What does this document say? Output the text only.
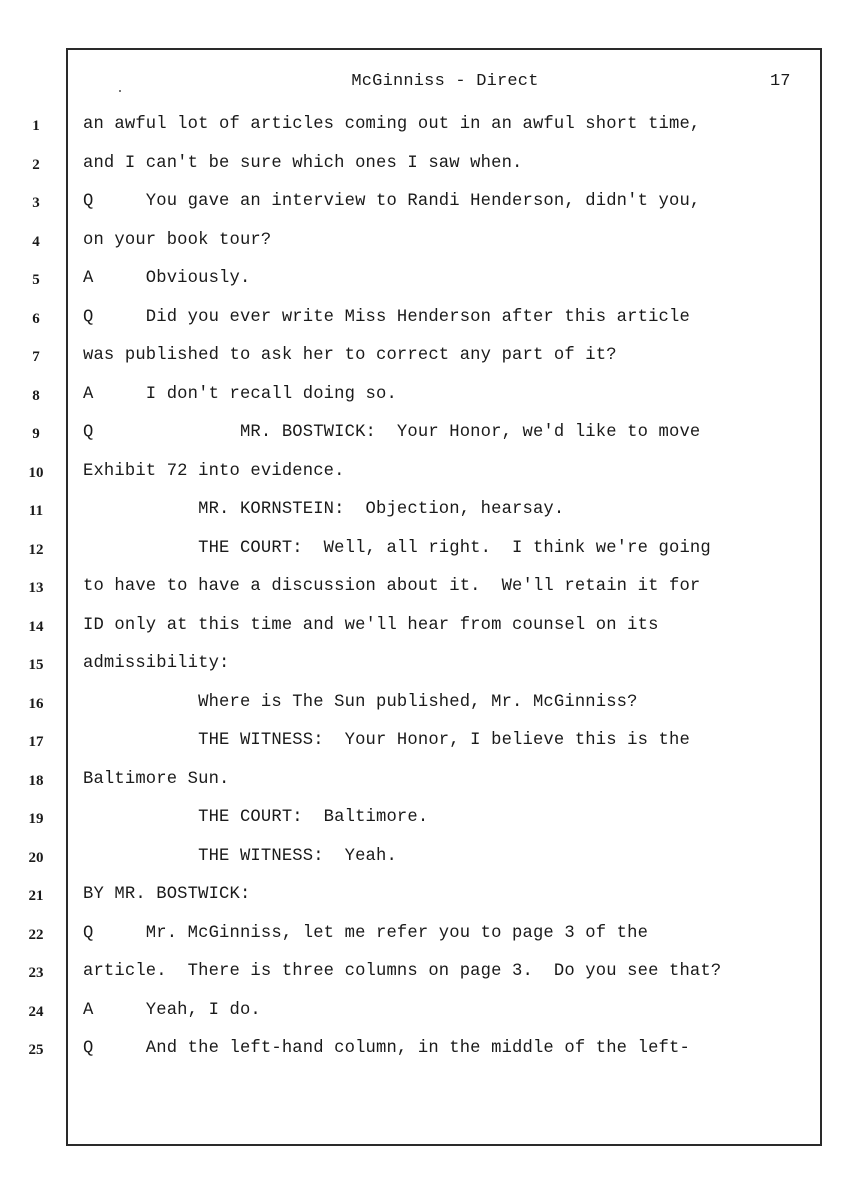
McGinniss - Direct	17
1	an awful lot of articles coming out in an awful short time,
2	and I can't be sure which ones I saw when.
3	Q     You gave an interview to Randi Henderson, didn't you,
4	on your book tour?
5	A     Obviously.
6	Q     Did you ever write Miss Henderson after this article
7	was published to ask her to correct any part of it?
8	A     I don't recall doing so.
9	Q              MR. BOSTWICK:  Your Honor, we'd like to move
10	Exhibit 72 into evidence.
11	MR. KORNSTEIN:  Objection, hearsay.
12	THE COURT:  Well, all right.  I think we're going
13	to have to have a discussion about it.  We'll retain it for
14	ID only at this time and we'll hear from counsel on its
15	admissibility:
16	Where is The Sun published, Mr. McGinniss?
17	THE WITNESS:  Your Honor, I believe this is the
18	Baltimore Sun.
19	THE COURT:  Baltimore.
20	THE WITNESS:  Yeah.
21	BY MR. BOSTWICK:
22	Q     Mr. McGinniss, let me refer you to page 3 of the
23	article.  There is three columns on page 3.  Do you see that?
24	A     Yeah, I do.
25	Q     And the left-hand column, in the middle of the left-
